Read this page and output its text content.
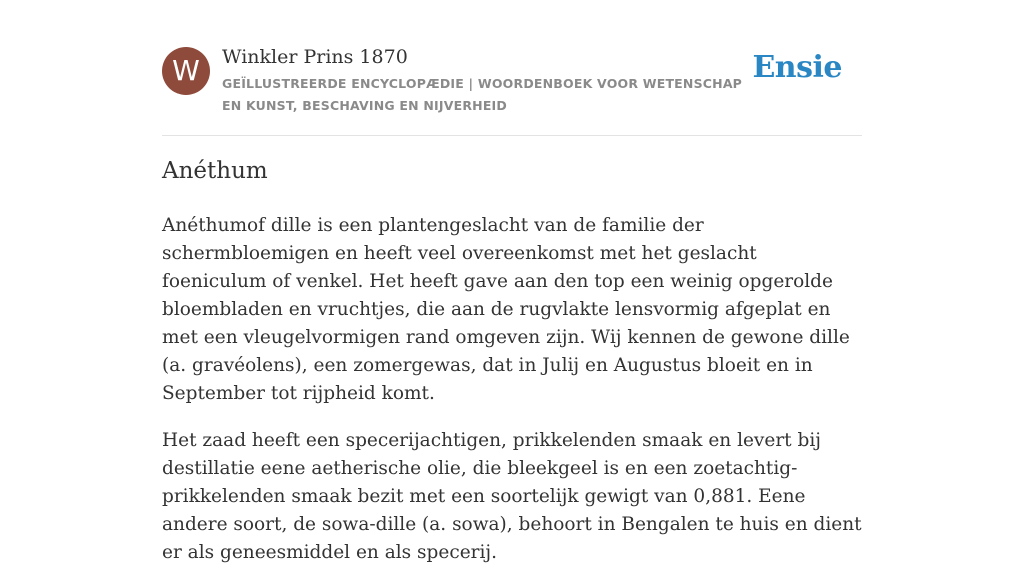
W	Winkler Prins 1870
GEÏLLUSTREERDE ENCYCLOPÆDIE | WOORDENBOEK VOOR WETENSCHAP EN KUNST, BESCHAVING EN NIJVERHEID
Ensie
Anéthum

Anéthumof dille is een plantengeslacht van de familie der schermbloemigen en heeft veel overeenkomst met het geslacht foeniculum of venkel. Het heeft gave aan den top een weinig opgerolde bloembladen en vruchtjes, die aan de rugvlakte lensvormig afgeplat en met een vleugelvormigen rand omgeven zijn. Wij kennen de gewone dille (a. gravéolens), een zomergewas, dat in Julij en Augustus bloeit en in September tot rijpheid komt.

Het zaad heeft een specerijachtigen, prikkelenden smaak en levert bij destillatie eene aetherische olie, die bleekgeel is en een zoetachtig-prikkelenden smaak bezit met een soortelijk gewigt van 0,881. Eene andere soort, de sowa-dille (a. sowa), behoort in Bengalen te huis en dient er als geneesmiddel en als specerij.
